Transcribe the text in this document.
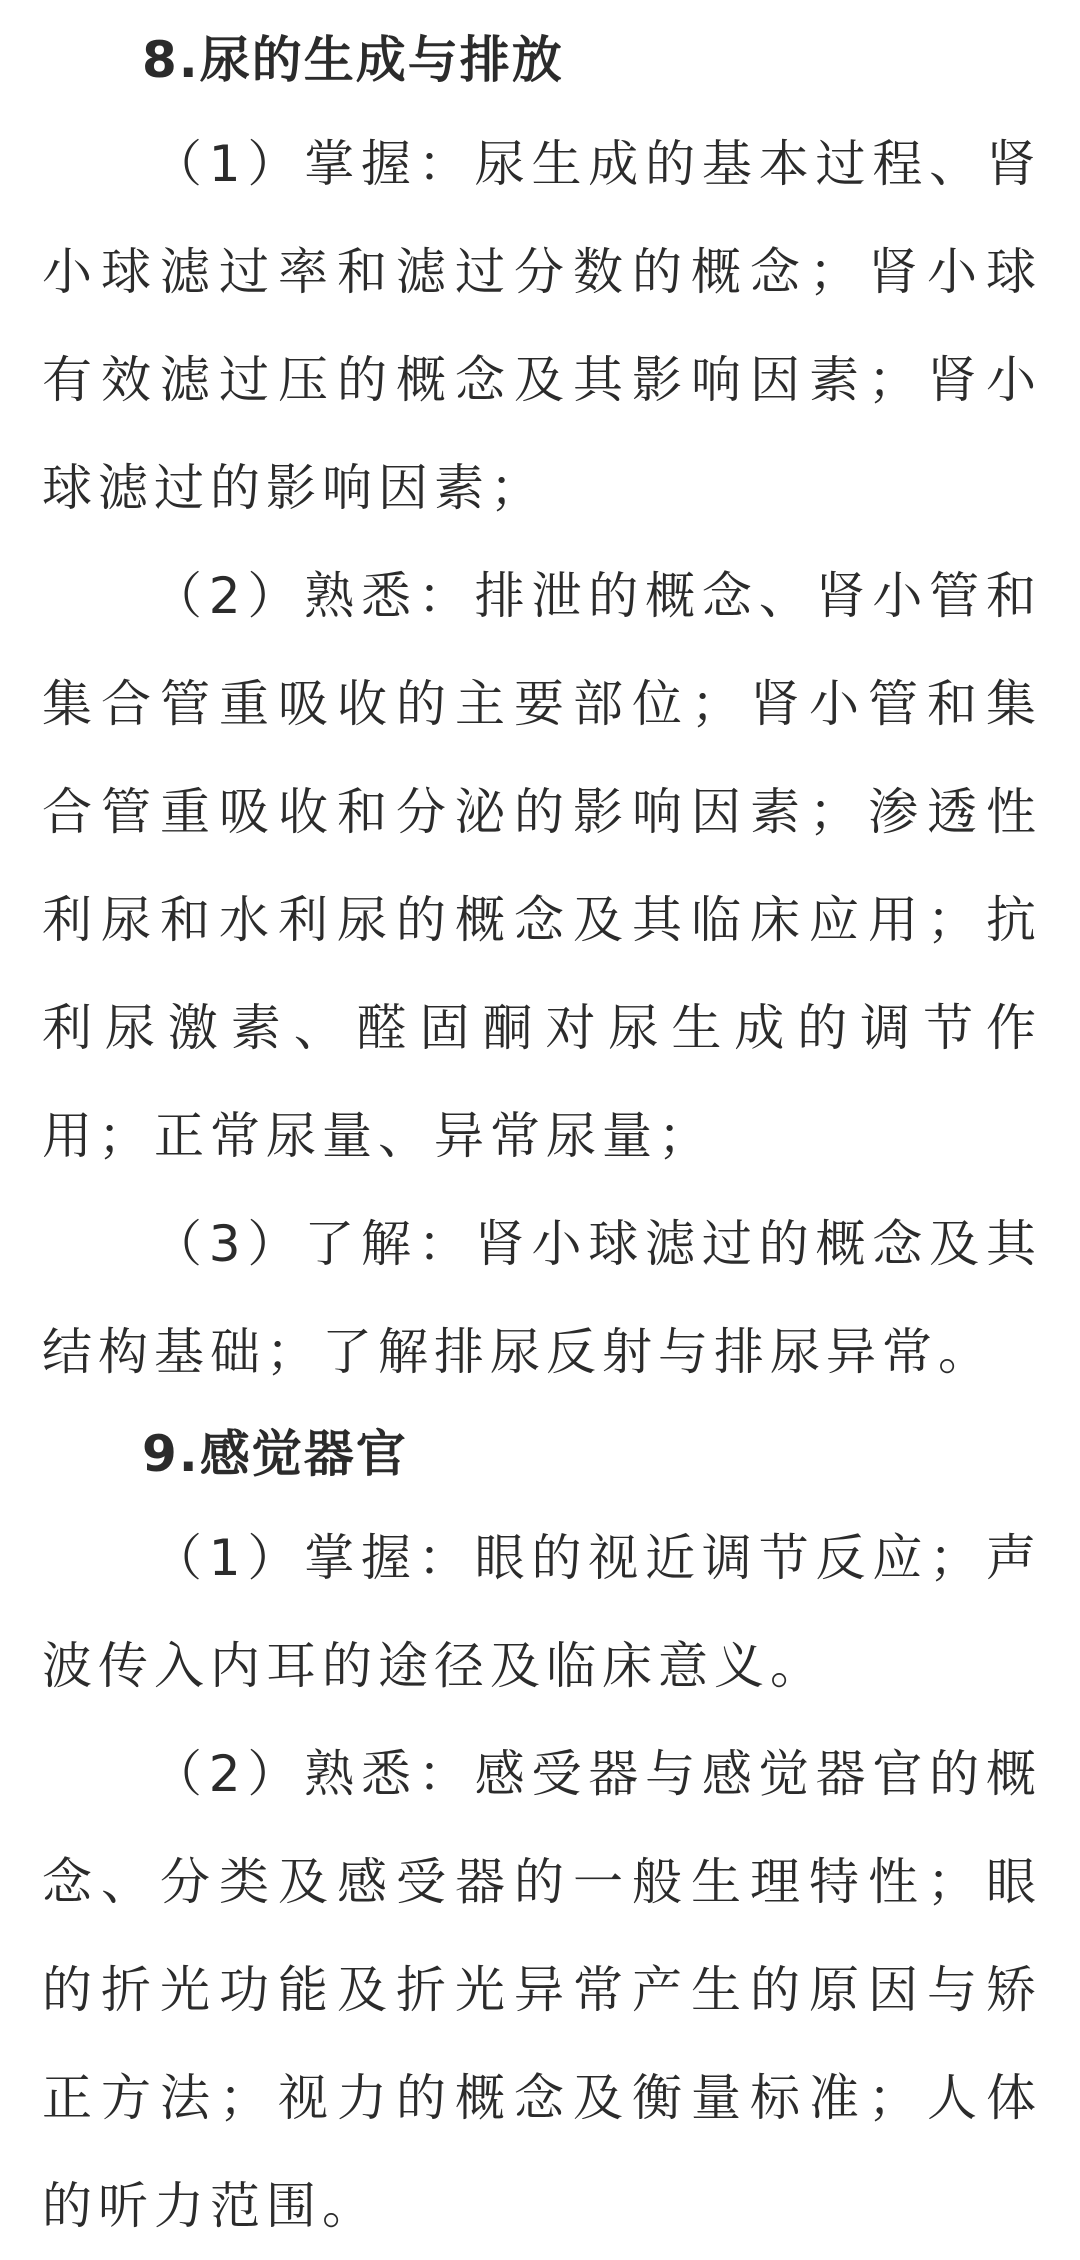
8.尿的生成与排放

（1）掌握：尿生成的基本过程、肾小球滤过率和滤过分数的概念；肾小球有效滤过压的概念及其影响因素；肾小球滤过的影响因素；

（2）熟悉：排泄的概念、肾小管和集合管重吸收的主要部位；肾小管和集合管重吸收和分泌的影响因素；渗透性利尿和水利尿的概念及其临床应用；抗利尿激素、醛固酮对尿生成的调节作用；正常尿量、异常尿量；

（3）了解：肾小球滤过的概念及其结构基础；了解排尿反射与排尿异常。

9.感觉器官

（1）掌握：眼的视近调节反应；声波传入内耳的途径及临床意义。

（2）熟悉：感受器与感觉器官的概念、分类及感受器的一般生理特性；眼的折光功能及折光异常产生的原因与矫正方法；视力的概念及衡量标准；人体的听力范围。
